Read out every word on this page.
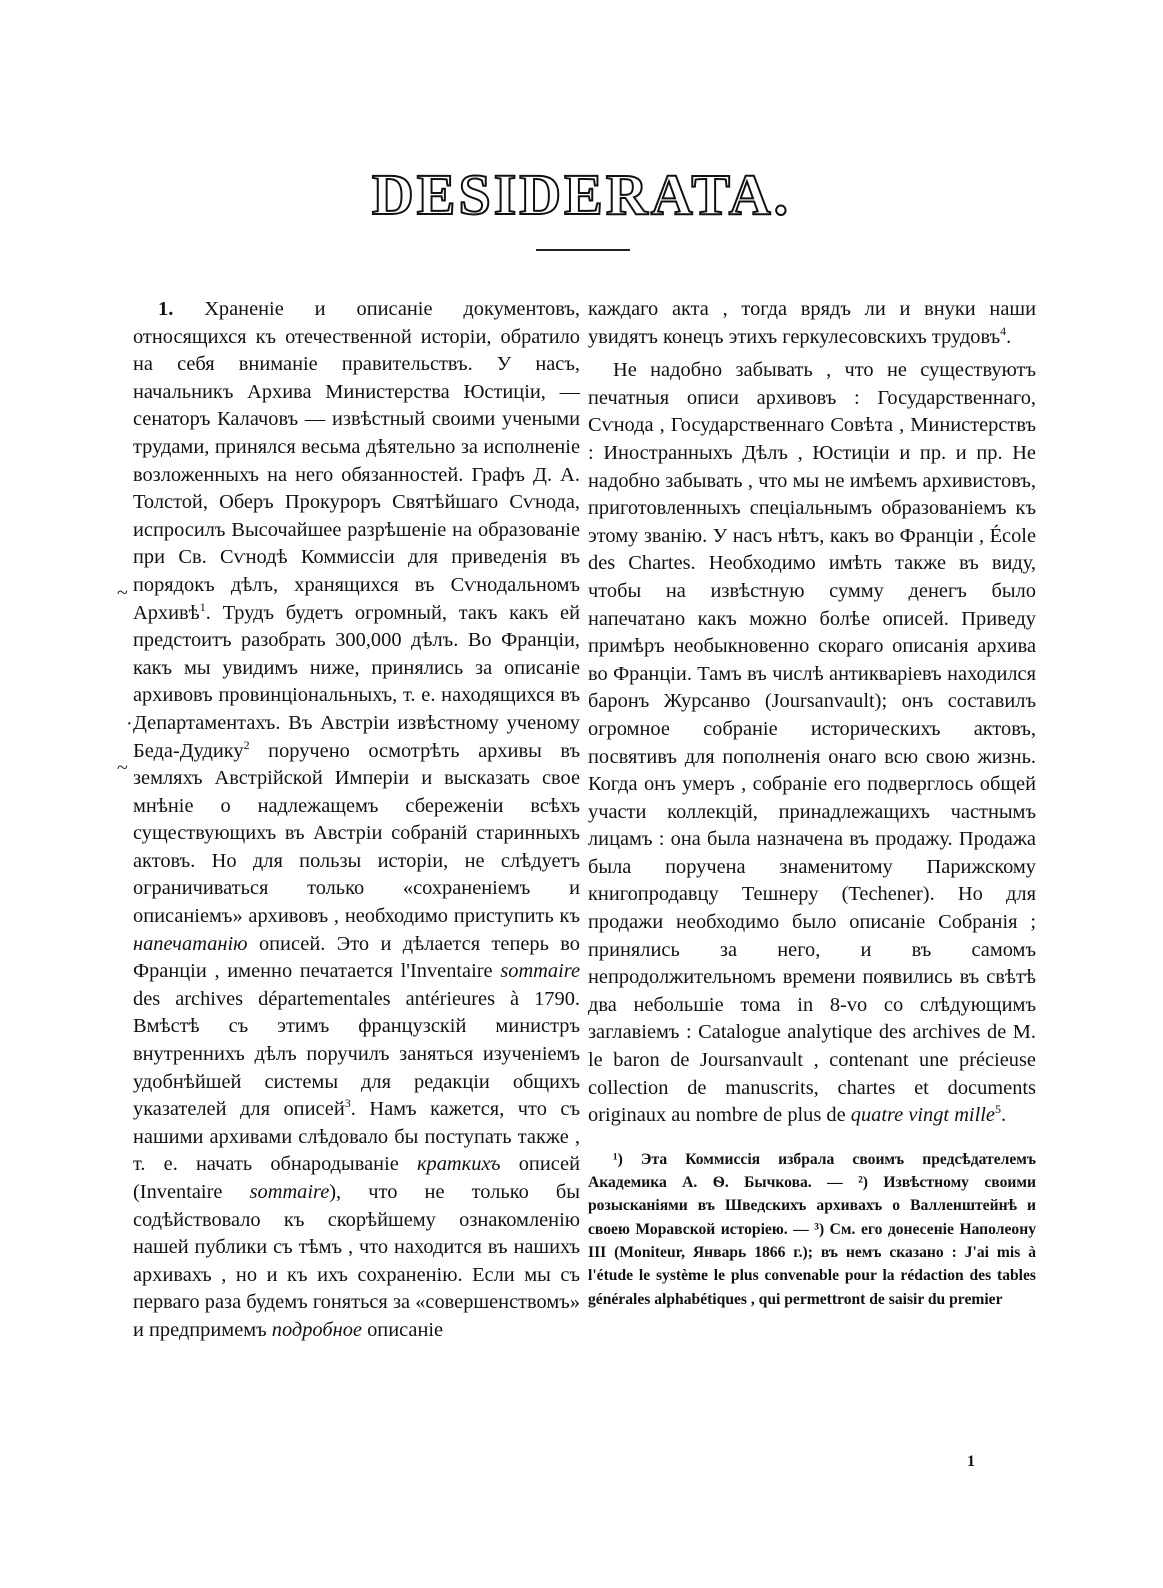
DESIDERATA.
~
·
~

1. Храненіе и описаніе документовъ, относящихся къ отечественной исторіи, обратило на себя вниманіе правительствъ. У насъ, начальникъ Архива Министерства Юстиціи, — сенаторъ Калачовъ — извѣстный своими учеными трудами, принялся весьма дѣятельно за исполненіе возложенныхъ на него обязанностей. Графъ Д. А. Толстой, Оберъ Прокуроръ Святѣйшаго Сѵнода, испросилъ Высочайшее разрѣшеніе на образованіе при Св. Сѵнодѣ Коммиссіи для приведенія въ порядокъ дѣлъ, хранящихся въ Сѵнодальномъ Архивѣ$^1$. Трудъ будетъ огромный, такъ какъ ей предстоитъ разобрать 300,000 дѣлъ. Во Франціи, какъ мы увидимъ ниже, принялись за описаніе архивовъ провинціональныхъ, т. е. находящихся въ Департаментахъ. Въ Австріи извѣстному ученому Беда-Дудику$^2$ поручено осмотрѣть архивы въ земляхъ Австрійской Имперіи и высказать свое мнѣніе о надлежащемъ сбереженіи всѣхъ существующихъ въ Австріи собраній старинныхъ актовъ. Но для пользы исторіи, не слѣдуетъ ограничиваться только «сохраненіемъ и описаніемъ» архивовъ , необходимо приступить къ напечатанію описей. Это и дѣлается теперь во Франціи , именно печатается l'Inventaire sommaire des archives départementales antérieures à 1790. Вмѣстѣ съ этимъ французскій министръ внутреннихъ дѣлъ поручилъ заняться изученіемъ удобнѣйшей системы для редакціи общихъ указателей для описей$^3$. Намъ кажется, что съ нашими архивами слѣдовало бы поступать также , т. е. начать обнародываніе краткихъ описей (Inventaire sommaire), что не только бы содѣйствовало къ скорѣйшему ознакомленію нашей публики съ тѣмъ , что находится въ нашихъ архивахъ , но и къ ихъ сохраненію. Если мы съ перваго раза будемъ гоняться за «совершенствомъ» и предпримемъ подробное описаніе

каждаго акта , тогда врядъ ли и внуки наши увидятъ конецъ этихъ геркулесовскихъ трудовъ$^4$.

Не надобно забывать , что не существуютъ печатныя описи архивовъ : Государственнаго, Сѵнода , Государственнаго Совѣта , Министерствъ : Иностранныхъ Дѣлъ , Юстиціи и пр. и пр. Не надобно забывать , что мы не имѣемъ архивистовъ, приготовленныхъ спеціальнымъ образованіемъ къ этому званію. У насъ нѣтъ, какъ во Франціи , École des Chartes. Необходимо имѣть также въ виду, чтобы на извѣстную сумму денегъ было напечатано какъ можно болѣе описей. Приведу примѣръ необыкновенно скораго описанія архива во Франціи. Тамъ въ числѣ антикваріевъ находился баронъ Журсанво (Joursanvault); онъ составилъ огромное собраніе историческихъ актовъ, посвятивъ для пополненія онаго всю свою жизнь. Когда онъ умеръ , собраніе его подверглось общей участи коллекцій, принадлежащихъ частнымъ лицамъ : она была назначена въ продажу. Продажа была поручена знаменитому Парижскому книгопродавцу Тешнеру (Techener). Но для продажи необходимо было описаніе Собранія ; принялись за него, и въ самомъ непродолжительномъ времени появились въ свѣтѣ два небольшіе тома in 8-vo со слѣдующимъ заглавіемъ : Catalogue analytique des archives de M. le baron de Joursanvault , contenant une précieuse collection de manuscrits, chartes et documents originaux au nombre de plus de quatre vingt mille$^5$.

¹) Эта Коммиссія избрала своимъ предсѣдателемъ Академика А. Ѳ. Бычкова. — ²) Извѣстному своими розысканіями въ Шведскихъ архивахъ о Валленштейнѣ и своею Моравской исторіею. — ³) См. его донесеніе Наполеону III (Moniteur, Январь 1866 г.); въ немъ сказано : J'ai mis à l'étude le système le plus convenable pour la rédaction des tables générales alphabétiques , qui permettront de saisir du premier

1
